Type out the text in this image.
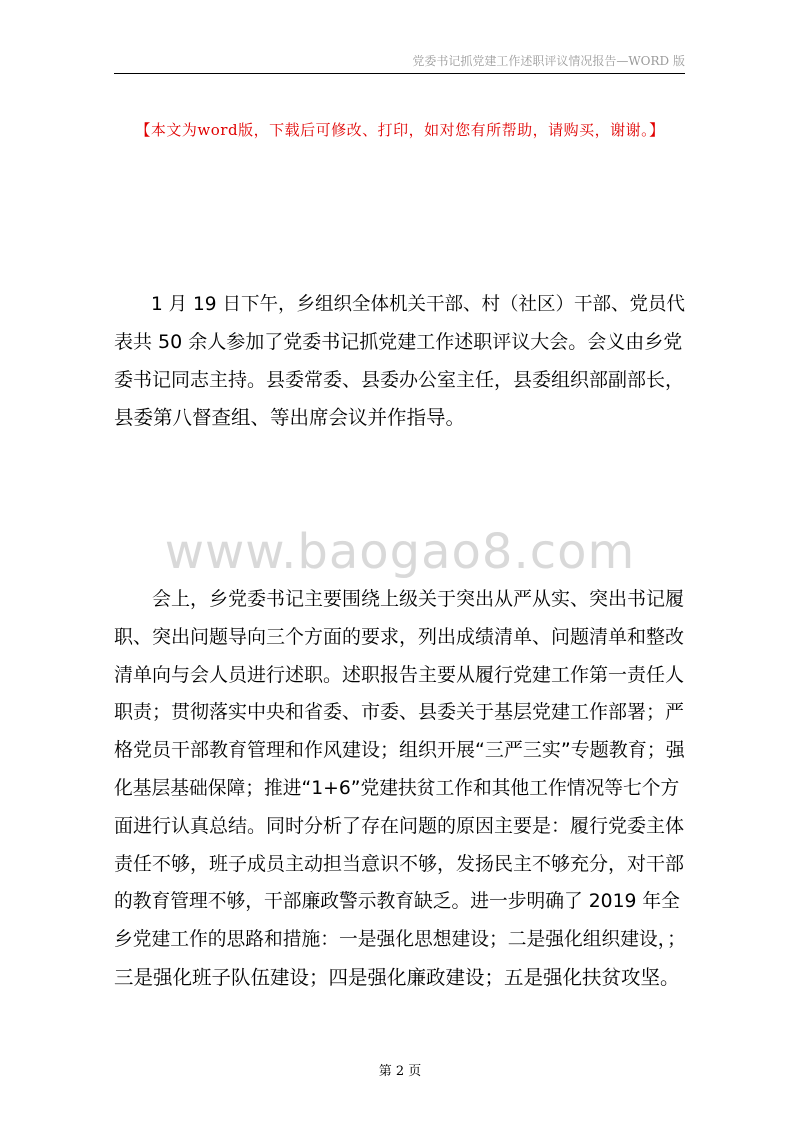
党委书记抓党建工作述职评议情况报告—WORD 版
【本文为word版，下载后可修改、打印，如对您有所帮助，请购买，谢谢。】
　　1 月 19 日下午，乡组织全体机关干部、村（社区）干部、党员代
表共 50 余人参加了党委书记抓党建工作述职评议大会。会义由乡党
委书记同志主持。县委常委、县委办公室主任，县委组织部副部长，
县委第八督查组、等出席会议并作指导。
www.baogao8.com
　　会上，乡党委书记主要围绕上级关于突出从严从实、突出书记履
职、突出问题导向三个方面的要求，列出成绩清单、问题清单和整改
清单向与会人员进行述职。述职报告主要从履行党建工作第一责任人
职责；贯彻落实中央和省委、市委、县委关于基层党建工作部署；严
格党员干部教育管理和作风建设；组织开展“三严三实”专题教育；强
化基层基础保障；推进“1+6”党建扶贫工作和其他工作情况等七个方
面进行认真总结。同时分析了存在问题的原因主要是：履行党委主体
责任不够，班子成员主动担当意识不够，发扬民主不够充分，对干部
的教育管理不够，干部廉政警示教育缺乏。进一步明确了 2019 年全
乡党建工作的思路和措施：一是强化思想建设；二是强化组织建设，；
三是强化班子队伍建设；四是强化廉政建设；五是强化扶贫攻坚。
第 2 页
